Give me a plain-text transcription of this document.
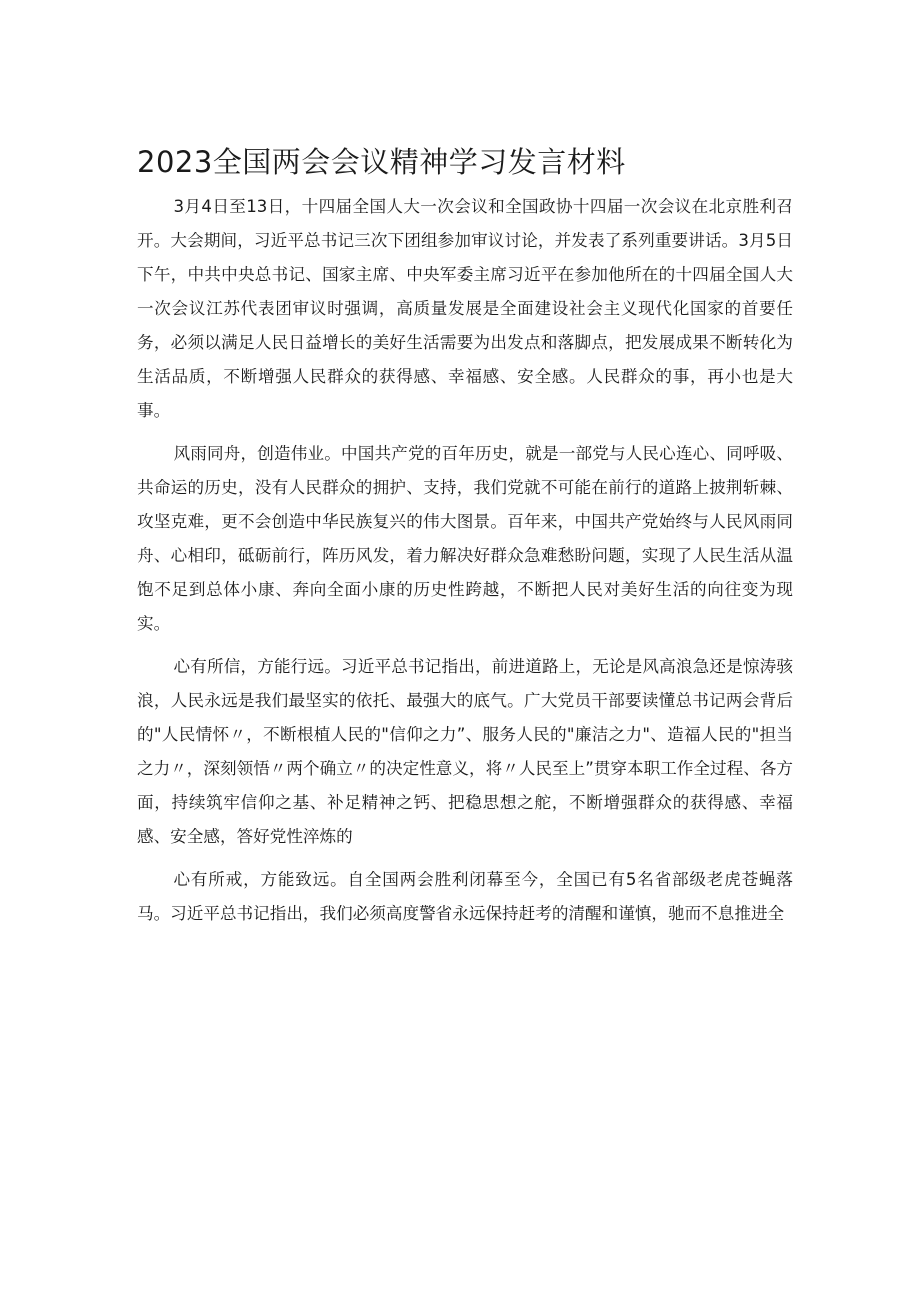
2023全国两会会议精神学习发言材料

3月4日至13日，十四届全国人大一次会议和全国政协十四届一次会议在北京胜利召开。大会期间，习近平总书记三次下团组参加审议讨论，并发表了系列重要讲话。3月5日下午，中共中央总书记、国家主席、中央军委主席习近平在参加他所在的十四届全国人大一次会议江苏代表团审议时强调，高质量发展是全面建设社会主义现代化国家的首要任务，必须以满足人民日益增长的美好生活需要为出发点和落脚点，把发展成果不断转化为生活品质，不断增强人民群众的获得感、幸福感、安全感。人民群众的事，再小也是大事。

风雨同舟，创造伟业。中国共产党的百年历史，就是一部党与人民心连心、同呼吸、共命运的历史，没有人民群众的拥护、支持，我们党就不可能在前行的道路上披荆斩棘、攻坚克难，更不会创造中华民族复兴的伟大图景。百年来，中国共产党始终与人民风雨同舟、心相印，砥砺前行，阵历风发，着力解决好群众急难愁盼问题，实现了人民生活从温饱不足到总体小康、奔向全面小康的历史性跨越，不断把人民对美好生活的向往变为现实。

心有所信，方能行远。习近平总书记指出，前进道路上，无论是风高浪急还是惊涛骇浪，人民永远是我们最坚实的依托、最强大的底气。广大党员干部要读懂总书记两会背后的"人民情怀〃，不断根植人民的"信仰之力”、服务人民的"廉洁之力"、造福人民的"担当之力〃，深刻领悟〃两个确立〃的决定性意义，将〃人民至上”贯穿本职工作全过程、各方面，持续筑牢信仰之基、补足精神之钙、把稳思想之舵，不断增强群众的获得感、幸福感、安全感，答好党性淬炼的

心有所戒，方能致远。自全国两会胜利闭幕至今，全国已有5名省部级老虎苍蝇落马。习近平总书记指出，我们必须高度警省永远保持赶考的清醒和谨慎，驰而不息推进全
